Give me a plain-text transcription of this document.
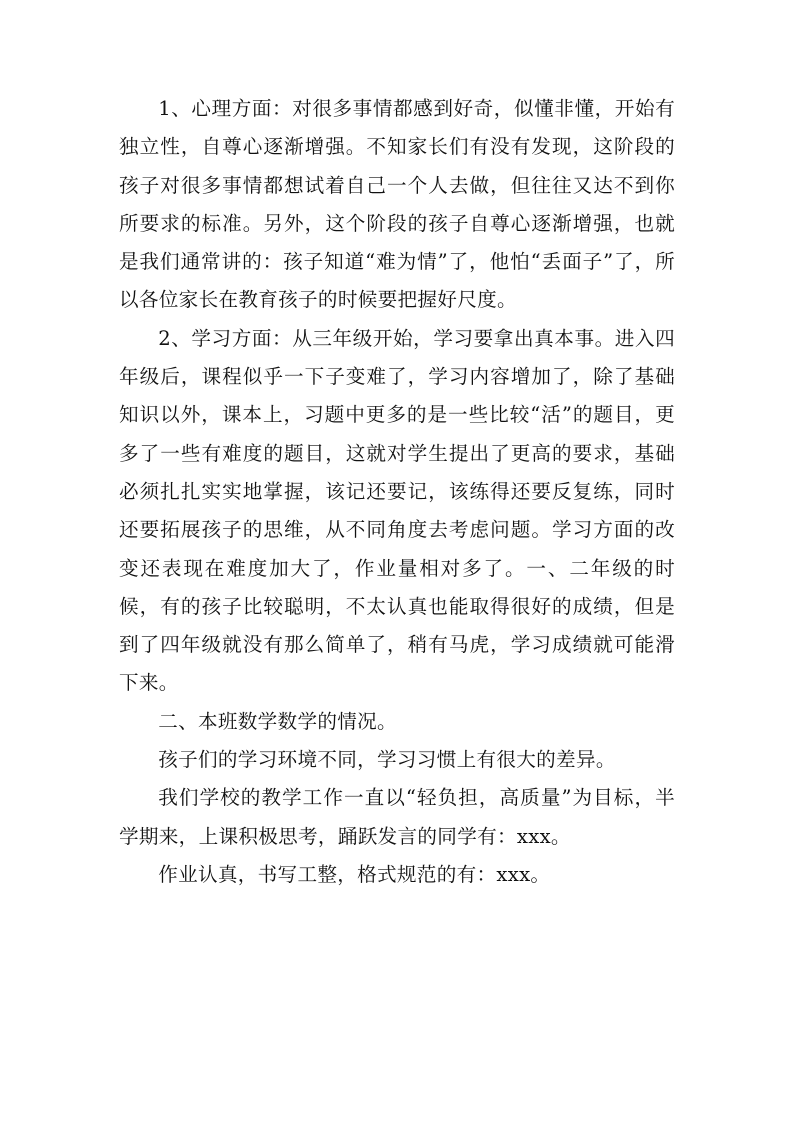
1、心理方面：对很多事情都感到好奇，似懂非懂，开始有独立性，自尊心逐渐增强。不知家长们有没有发现，这阶段的孩子对很多事情都想试着自己一个人去做，但往往又达不到你所要求的标准。另外，这个阶段的孩子自尊心逐渐增强，也就是我们通常讲的：孩子知道“难为情”了，他怕“丢面子”了，所以各位家长在教育孩子的时候要把握好尺度。

2、学习方面：从三年级开始，学习要拿出真本事。进入四年级后，课程似乎一下子变难了，学习内容增加了，除了基础知识以外，课本上，习题中更多的是一些比较“活”的题目，更多了一些有难度的题目，这就对学生提出了更高的要求，基础必须扎扎实实地掌握，该记还要记，该练得还要反复练，同时还要拓展孩子的思维，从不同角度去考虑问题。学习方面的改变还表现在难度加大了，作业量相对多了。一、二年级的时候，有的孩子比较聪明，不太认真也能取得很好的成绩，但是到了四年级就没有那么简单了，稍有马虎，学习成绩就可能滑下来。

二、本班数学数学的情况。

孩子们的学习环境不同，学习习惯上有很大的差异。

我们学校的教学工作一直以“轻负担，高质量”为目标，半学期来，上课积极思考，踊跃发言的同学有：xxx。

作业认真，书写工整，格式规范的有：xxx。
